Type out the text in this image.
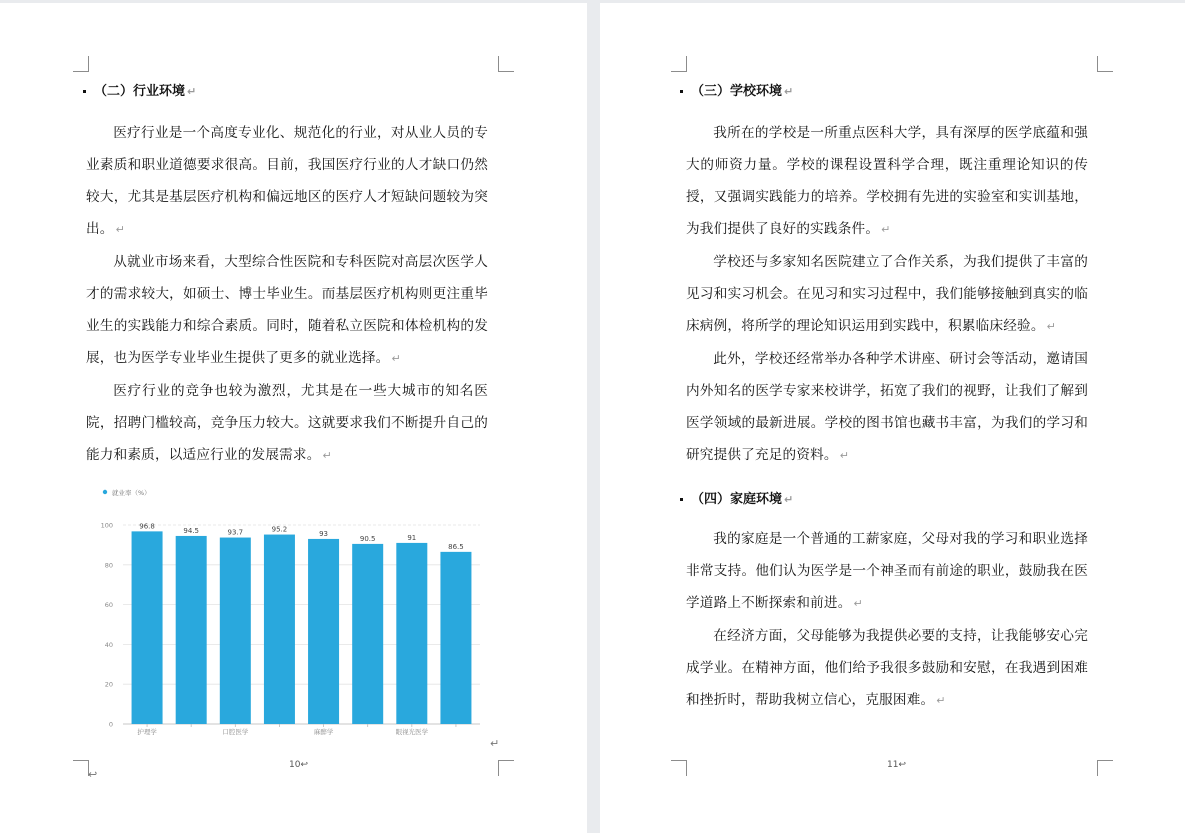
（二）行业环境 ↵

医疗行业是一个高度专业化、规范化的行业，对从业人员的专业素质和职业道德要求很高。目前，我国医疗行业的人才缺口仍然较大，尤其是基层医疗机构和偏远地区的医疗人才短缺问题较为突出。 ↵

从就业市场来看，大型综合性医院和专科医院对高层次医学人才的需求较大，如硕士、博士毕业生。而基层医疗机构则更注重毕业生的实践能力和综合素质。同时，随着私立医院和体检机构的发展，也为医学专业毕业生提供了更多的就业选择。 ↵

医疗行业的竞争也较为激烈，尤其是在一些大城市的知名医院，招聘门槛较高，竞争压力较大。这就要求我们不断提升自己的能力和素质，以适应行业的发展需求。 ↵

就业率（%）
0
20
40
60
80
100	96.8
护理学
94.5	93.7
口腔医学
95.2
93
麻醉学
90.5	91
眼视光医学
86.5
↵
↩
10↩
（三）学校环境 ↵

我所在的学校是一所重点医科大学，具有深厚的医学底蕴和强大的师资力量。学校的课程设置科学合理，既注重理论知识的传授，又强调实践能力的培养。学校拥有先进的实验室和实训基地，为我们提供了良好的实践条件。 ↵

学校还与多家知名医院建立了合作关系，为我们提供了丰富的见习和实习机会。在见习和实习过程中，我们能够接触到真实的临床病例，将所学的理论知识运用到实践中，积累临床经验。 ↵

此外，学校还经常举办各种学术讲座、研讨会等活动，邀请国内外知名的医学专家来校讲学，拓宽了我们的视野，让我们了解到医学领域的最新进展。学校的图书馆也藏书丰富，为我们的学习和研究提供了充足的资料。 ↵

（四）家庭环境 ↵

我的家庭是一个普通的工薪家庭，父母对我的学习和职业选择非常支持。他们认为医学是一个神圣而有前途的职业，鼓励我在医学道路上不断探索和前进。 ↵

在经济方面，父母能够为我提供必要的支持，让我能够安心完成学业。在精神方面，他们给予我很多鼓励和安慰，在我遇到困难和挫折时，帮助我树立信心，克服困难。 ↵

11↩
